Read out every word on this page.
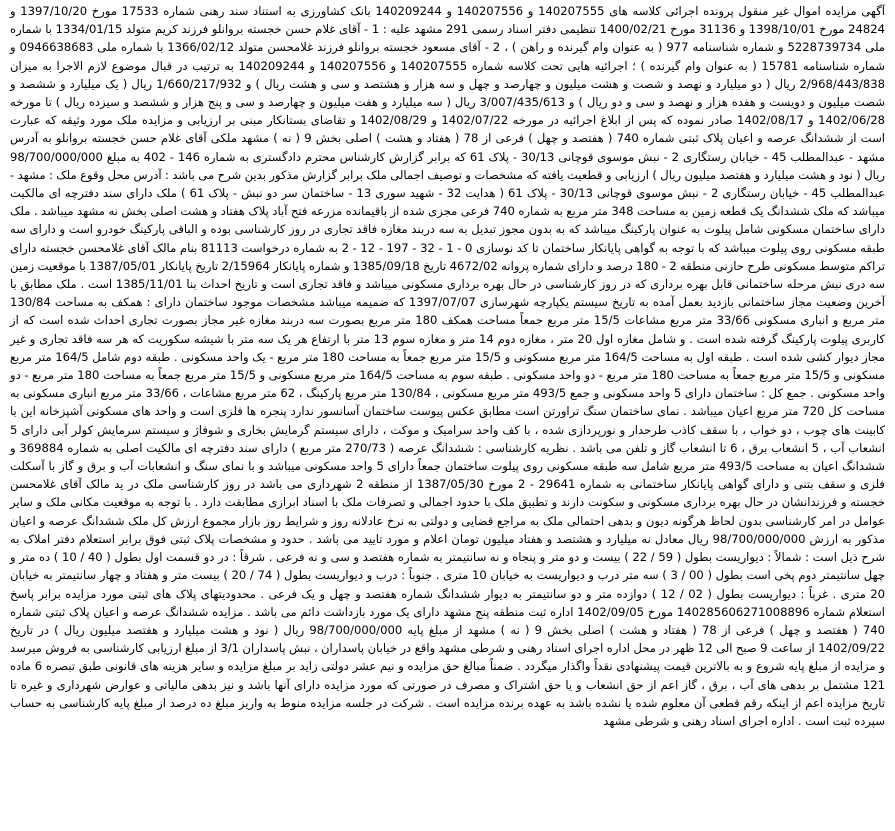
آگهی مزایده اموال غیر منقول پرونده اجرائی کلاسه های 140207555 و 140207556 و 140209244 بانک کشاورزی به استناد سند رهنی شماره 17533 مورخ 1397/10/20 و 24824 مورخ 1398/10/01 و 31136 مورخ 1400/02/21 تنظیمی دفتر اسناد رسمی 291 مشهد علیه : 1 - آقای غلام حسن خجسته بروانلو فرزند کریم متولد 1334/01/15 با شماره ملی 5228739734 و شماره شناسنامه 977 ( به عنوان وام گیرنده و راهن ) ، 2 - آقای مسعود خجسته بروانلو فرزند غلامحسن متولد 1366/02/12 با شماره ملی 0946638683 و شماره شناسنامه 15781 ( به عنوان وام گیرنده ) ؛ اجرائیه هایی تحت کلاسه شماره 140207555 و 140207556 و 140209244 به ترتیب در قبال موضوع لازم الاجرا به میزان 2/968/443/838 ریال ( دو میلیارد و نهصد و شصت و هشت میلیون و چهارصد و چهل و سه هزار و هشتصد و سی و هشت ریال ) و 1/660/217/932 ریال ( یک میلیارد و ششصد و شصت میلیون و دویست و هفده هزار و نهصد و سی و دو ریال ) و 3/007/435/613 ریال ( سه میلیارد و هفت میلیون و چهارصد و سی و پنج هزار و ششصد و سیزده ریال ) تا مورخه 1402/06/28 و 1402/08/17 صادر نموده که پس از ابلاغ اجرائیه در مورخه 1402/07/22 و 1402/08/29 و تقاضای بستانکار مبنی بر ارزیابی و مزایده ملک مورد وثیقه که عبارت است از ششدانگ عرصه و اعیان پلاک ثبتی شماره 740 ( هفتصد و چهل ) فرعی از 78 ( هفتاد و هشت ) اصلی بخش 9 ( نه ) مشهد ملکی آقای غلام حسن خجسته بروانلو به آدرس مشهد - عبدالمطلب 45 - خیابان رستگاری 2 - نبش موسوی قوچانی 30/13 - پلاک 61 که برابر گزارش کارشناس محترم دادگستری به شماره 146 - 402 به مبلغ 98/700/000/000 ریال ( نود و هشت میلیارد و هفتصد میلیون ریال ) ارزیابی و قطعیت یافته که مشخصات و توصیف اجمالی ملک برابر گزارش مذکور بدین شرح می باشد : آدرس محل وقوع ملک : مشهد - عبدالمطلب 45 - خیابان رستگاری 2 - نبش موسوی قوچانی 30/13 - پلاک 61 ( هدایت 32 - شهید سوری 13 - ساختمان سر دو نبش - پلاک 61 ) ملک دارای سند دفترچه ای مالکیت میباشد که ملک ششدانگ یک قطعه زمین به مساحت 348 متر مربع به شماره 740 فرعی مجزی شده از باقیمانده مزرعه فتح آباد پلاک هفتاد و هشت اصلی بخش نه مشهد میباشد . ملک دارای ساختمان مسکونی شامل پیلوت به عنوان پارکینگ میباشد که به بدون مجوز تبدیل به سه دربند مغازه فاقد تجاری در روز کارشناسی بوده و الباقی پارکینگ خودرو است و دارای سه طبقه مسکونی روی پیلوت میباشد که با توجه به گواهی پایانکار ساختمان تا کد نوسازی 0 - 1 - 32 - 197 - 12 - 2 به شماره درخواست 81113 بنام مالک آقای غلامحسن خجسته دارای تراکم متوسط مسکونی طرح حازنی منطقه 2 - 180 درصد و دارای شماره پروانه 4672/02 تاریخ 1385/09/18 و شماره پایانکار 2/15964 تاریخ پایانکار 1387/05/01 با موقعیت زمین سه دری نبش مرحله ساختمانی قابل بهره برداری که در روز کارشناسی در حال بهره برداری مسکونی میباشد و فاقد تجاری است و تاریخ احداث بنا 1385/11/01 است . ملک مطابق با آخرین وضعیت مجاز ساختمانی بازدید بعمل آمده به تاریخ سیستم یکپارچه شهرسازی 1397/07/07 که ضمیمه میباشد مشخصات موجود ساختمان دارای : همکف به مساحت 130/84 متر مربع و انباری مسکونی 33/66 متر مربع مشاعات 15/5 متر مربع جمعاً مساحت همکف 180 متر مربع بصورت سه دربند مغازه غیر مجاز بصورت تجاری احداث شده است که از کاربری پیلوت پارکینگ گرفته شده است . و شامل مغازه اول 20 متر ، مغازه دوم 14 متر و مغازه سوم 13 متر با ارتفاع هر یک سه متر با شیشه سکوریت که هر سه فاقد تجاری و غیر مجاز دیوار کشی شده است . طبقه اول به مساحت 164/5 متر مربع مسکونی و 15/5 متر مربع جمعاً به مساحت 180 متر مربع - یک واحد مسکونی . طبقه دوم شامل 164/5 متر مربع مسکونی و 15/5 متر مربع جمعاً به مساحت 180 متر مربع - دو واحد مسکونی . طبقه سوم به مساحت 164/5 متر مربع مسکونی و 15/5 متر مربع جمعاً به مساحت 180 متر مربع - دو واحد مسکونی . جمع کل : ساختمان دارای 5 واحد مسکونی و جمع 493/5 متر مربع مسکونی ، 130/84 متر مربع پارکینگ ، 62 متر مربع مشاعات ، 33/66 متر مربع انباری مسکونی به مساحت کل 720 متر مربع اعیان میباشد . نمای ساختمان سنگ تراورتن است مطابق عکس پیوست ساختمان آسانسور ندارد پنجره ها فلزی است و واحد های مسکونی آشپزخانه این با کابینت های چوب ، دو خواب ، با سقف کاذب طرحدار و نورپردازی شده ، با کف واحد سرامیک و موکت ، دارای سیستم گرمایش بخاری و شوفاژ و سیستم سرمایش کولر آبی دارای 5 انشعاب آب ، 5 انشعاب برق ، 6 تا انشعاب گاز و تلفن می باشد . نظریه کارشناسی : ششدانگ عرصه ( 270/73 متر مربع ) دارای سند دفترچه ای مالکیت اصلی به شماره 369884 و ششدانگ اعیان به مساحت 493/5 متر مربع شامل سه طبقه مسکونی روی پیلوت ساختمان جمعاً دارای 5 واحد مسکونی میباشد و با نمای سنگ و انشعابات آب و برق و گاز با آسکلت فلزی و سقف بتنی و دارای گواهی پایانکار ساختمانی به شماره 29641 - 2 مورخ 1387/05/30 از منطقه 2 شهرداری می باشد در روز کارشناسی ملک در ید مالک آقای غلامحسن خجسته و فرزندانشان در حال بهره برداری مسکونی و سکونت دارند و تطبیق ملک با حدود اجمالی و تصرفات ملک با اسناد ابرازی مطابقت دارد . با توجه به موقعیت مکانی ملک و سایر عوامل در امر کارشناسی بدون لحاظ هرگونه دیون و بدهی احتمالی ملک به مراجع قضایی و دولتی به نرخ عادلانه روز و شرایط روز بازار مجموع ارزش کل ملک ششدانگ عرصه و اعیان مذکور به ارزش 98/700/000/000 ریال معادل نه میلیارد و هشتصد و هفتاد میلیون تومان اعلام و مورد تایید می باشد . حدود و مشخصات پلاک ثبتی فوق برابر استعلام دفتر املاک به شرح ذیل است : شمالاً : دیواریست بطول ( 59 / 22 ) بیست و دو متر و پنجاه و نه سانتیمتر به شماره هفتصد و سی و نه فرعی . شرقاً : در دو قسمت اول بطول ( 40 / 10 ) ده متر و چهل سانتیمتر دوم پخی است بطول ( 00 / 3 ) سه متر درب و دیواریست به خیابان 10 متری . جنوباً : درب و دیواریست بطول ( 74 / 20 ) بیست متر و هفتاد و چهار سانتیمتر به خیابان 20 متری . غرباً : دیواریست بطول ( 02 / 12 ) دوازده متر و دو سانتیمتر به دیوار ششدانگ شماره هفتصد و چهل و یک فرعی . محدودیتهای پلاک های ثبتی مورد مزایده برابر پاسخ استعلام شماره 140285606271008896 مورخ 1402/09/05 اداره ثبت منطقه پنج مشهد دارای یک مورد بازداشت دائم می باشد . مزایده ششدانگ عرصه و اعیان پلاک ثبتی شماره 740 ( هفتصد و چهل ) فرعی از 78 ( هفتاد و هشت ) اصلی بخش 9 ( نه ) مشهد از مبلغ پایه 98/700/000/000 ریال ( نود و هشت میلیارد و هفتصد میلیون ریال ) در تاریخ 1402/09/22 از ساعت 9 صبح الی 12 ظهر در محل اداره اجرای اسناد رهنی و شرطی مشهد واقع در خیابان پاسداران ، نبش پاسداران 3/1 از مبلغ ارزیابی کارشناسی به فروش میرسد و مزایده از مبلغ پایه شروع و به بالاترین قیمت پیشنهادی نقداً واگذار میگردد . ضمناً مبالغ حق مزایده و نیم عشر دولتی زاید بر مبلغ مزایده و سایر هزینه های قانونی طبق تبصره 6 ماده 121 مشتمل بر بدهی های آب ، برق ، گاز اعم از حق انشعاب و یا حق اشتراک و مصرف در صورتی که مورد مزایده دارای آنها باشد و نیز بدهی مالیاتی و عوارض شهرداری و غیره تا تاریخ مزایده اعم از اینکه رقم قطعی آن معلوم شده یا نشده باشد به عهده برنده مزایده است . شرکت در جلسه مزایده منوط به واریز مبلغ ده درصد از مبلغ پایه کارشناسی به حساب سپرده ثبت است . اداره اجرای اسناد رهنی و شرطی مشهد
